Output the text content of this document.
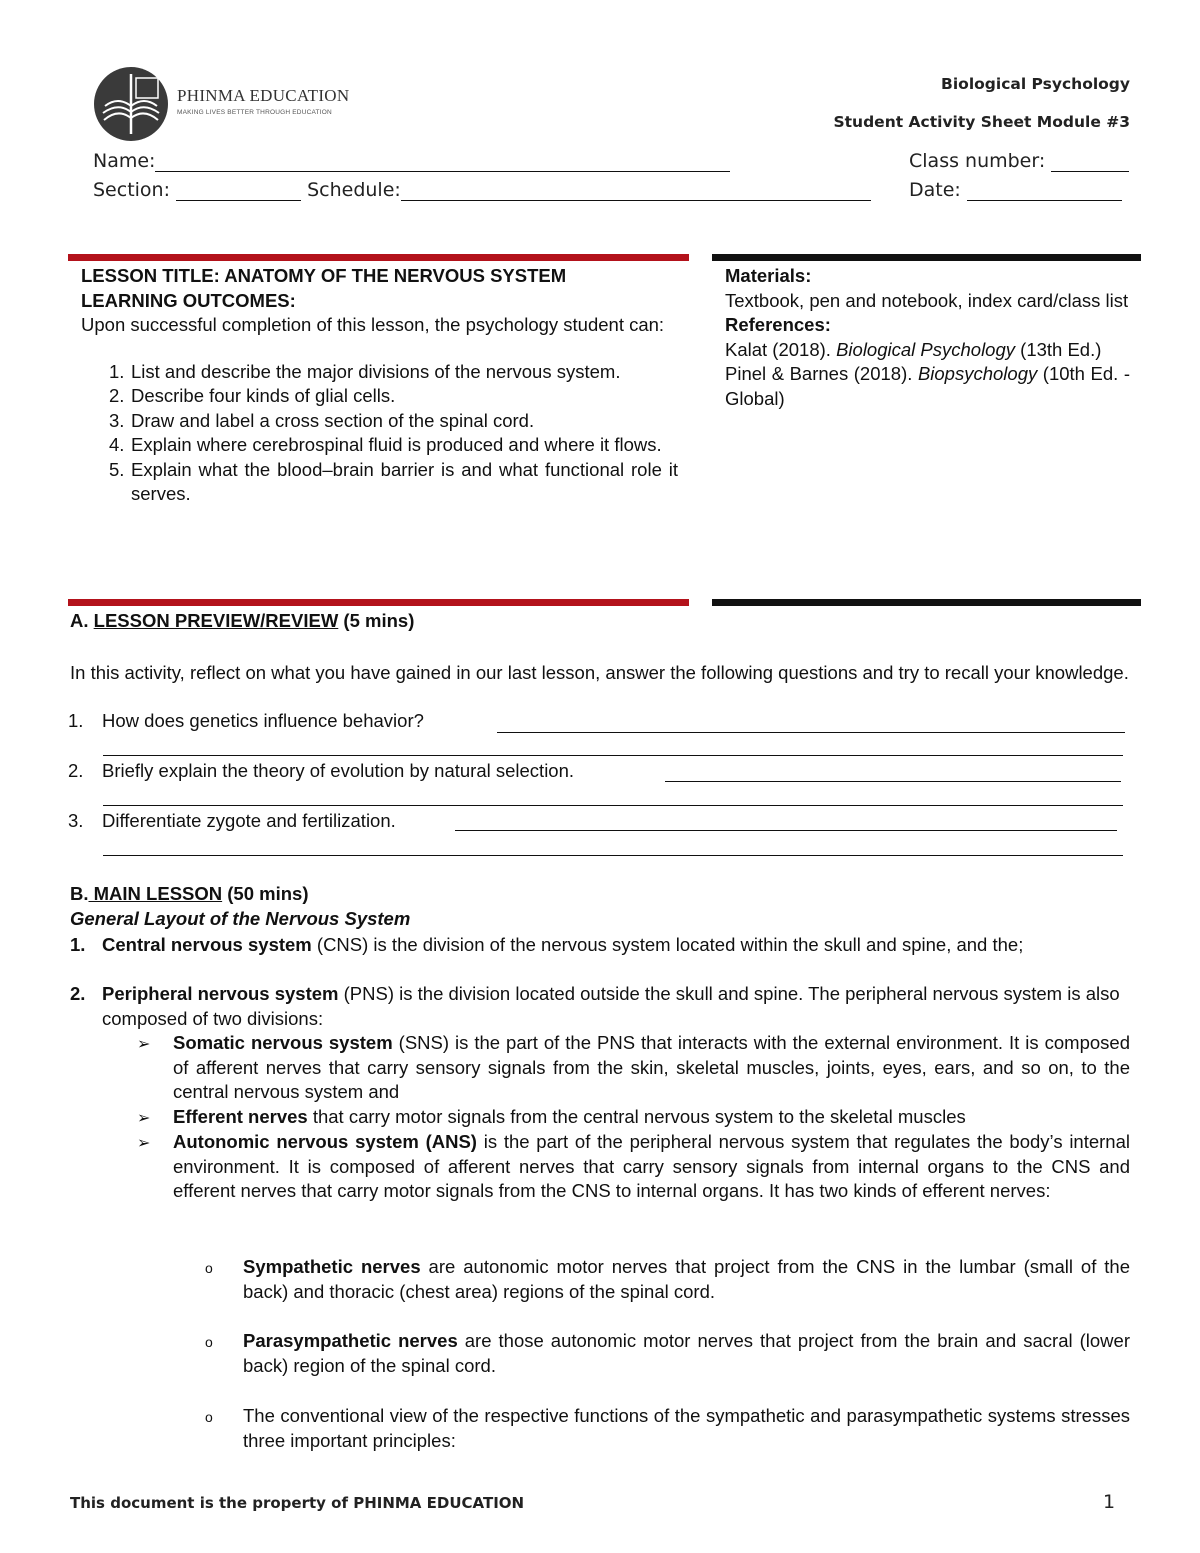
PHINMA EDUCATION
MAKING LIVES BETTER THROUGH EDUCATION
Biological Psychology
Student Activity Sheet Module #3
Name:	Class number:
Section:	Schedule:	Date:
LESSON TITLE: ANATOMY OF THE NERVOUS SYSTEM
LEARNING OUTCOMES:
Upon successful completion of this lesson, the psychology student can:
1. List and describe the major divisions of the nervous system.
2. Describe four kinds of glial cells.
3. Draw and label a cross section of the spinal cord.
4. Explain where cerebrospinal fluid is produced and where it flows.
5. Explain what the blood–brain barrier is and what functional role it serves.
Materials:
Textbook, pen and notebook, index card/class list
References:
Kalat (2018). Biological Psychology (13th Ed.)
Pinel & Barnes (2018). Biopsychology (10th Ed. - Global)
A. LESSON PREVIEW/REVIEW (5 mins)
In this activity, reflect on what you have gained in our last lesson, answer the following questions and try to recall your knowledge.
1. How does genetics influence behavior?
2. Briefly explain the theory of evolution by natural selection.
3. Differentiate zygote and fertilization.
B. MAIN LESSON (50 mins)
General Layout of the Nervous System
1. Central nervous system (CNS) is the division of the nervous system located within the skull and spine, and the;
2. Peripheral nervous system (PNS) is the division located outside the skull and spine. The peripheral nervous system is also composed of two divisions:
➢ Somatic nervous system (SNS) is the part of the PNS that interacts with the external environment. It is composed of afferent nerves that carry sensory signals from the skin, skeletal muscles, joints, eyes, ears, and so on, to the central nervous system and
➢ Efferent nerves that carry motor signals from the central nervous system to the skeletal muscles
➢ Autonomic nervous system (ANS) is the part of the peripheral nervous system that regulates the body’s internal environment. It is composed of afferent nerves that carry sensory signals from internal organs to the CNS and efferent nerves that carry motor signals from the CNS to internal organs. It has two kinds of efferent nerves:
o Sympathetic nerves are autonomic motor nerves that project from the CNS in the lumbar (small of the back) and thoracic (chest area) regions of the spinal cord.
o Parasympathetic nerves are those autonomic motor nerves that project from the brain and sacral (lower back) region of the spinal cord.
o The conventional view of the respective functions of the sympathetic and parasympathetic systems stresses three important principles:
This document is the property of PHINMA EDUCATION	1
